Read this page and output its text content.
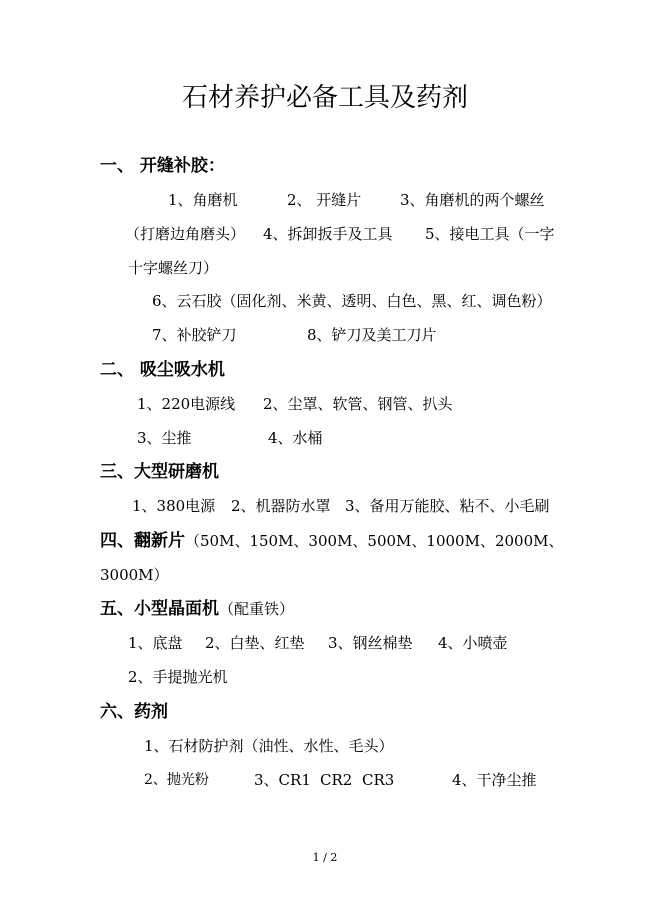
石材养护必备工具及药剂
一、 开缝补胶：
1、角磨机	2、 开缝片	3、角磨机的两个螺丝
（打磨边角磨头） 4、拆卸扳手及工具 5、接电工具（一字
十字螺丝刀）
6、云石胶（固化剂、米黄、透明、白色、黑、红、调色粉）
7、补胶铲刀	8、铲刀及美工刀片
二、 吸尘吸水机
1、220电源线 2、尘罩、软管、钢管、扒头
3、尘推	4、水桶
三、大型研磨机
1、380电源 2、机器防水罩 3、备用万能胶、粘不、小毛刷
四、翻新片（50M、150M、300M、500M、1000M、2000M、
3000M）
五、小型晶面机（配重铁）
1、底盘 2、白垫、红垫 3、钢丝棉垫 4、小喷壶
2、手提抛光机
六、药剂
1、石材防护剂（油性、水性、毛头）
2、抛光粉	3、CR1 CR2 CR3	4、干净尘推
1 / 2
